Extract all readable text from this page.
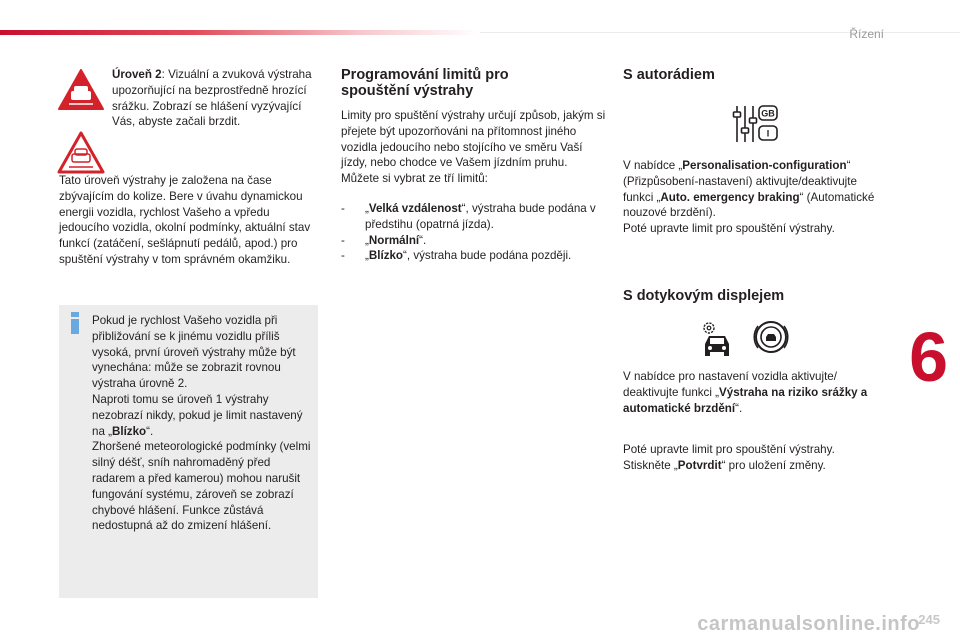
Řízení
6

Úroveň 2: Vizuální a zvuková výstraha upozorňující na bezprostředně hrozící srážku. Zobrazí se hlášení vyzývající Vás, abyste začali brzdit.

Tato úroveň výstrahy je založena na čase zbývajícím do kolize. Bere v úvahu dynamickou energii vozidla, rychlost Vašeho a vpředu jedoucího vozidla, okolní podmínky, aktuální stav funkcí (zatáčení, sešlápnutí pedálů, apod.) pro spuštění výstrahy v tom správném okamžiku.

Pokud je rychlost Vašeho vozidla při přibližování se k jinému vozidlu příliš vysoká, první úroveň výstrahy může být vynechána: může se zobrazit rovnou výstraha úrovně 2.

Naproti tomu se úroveň 1 výstrahy nezobrazí nikdy, pokud je limit nastavený na „Blízko“.

Zhoršené meteorologické podmínky (velmi silný déšť, sníh nahromaděný před radarem a před kamerou) mohou narušit fungování systému, zároveň se zobrazí chybové hlášení. Funkce zůstává nedostupná až do zmizení hlášení.

Programování limitů pro spouštění výstrahy

Limity pro spuštění výstrahy určují způsob, jakým si přejete být upozorňováni na přítomnost jiného vozidla jedoucího nebo stojícího ve směru Vaší jízdy, nebo chodce ve Vašem jízdním pruhu.

Můžete si vybrat ze tří limitů:

- „Velká vzdálenost“, výstraha bude podána v předstihu (opatrná jízda).
- „Normální“.
- „Blízko“, výstraha bude podána později.
S autorádiem
GB
I

V nabídce „Personalisation-configuration“ (Přizpůsobení-nastavení) aktivujte/deaktivujte funkci „Auto. emergency braking“ (Automatické nouzové brzdění).

Poté upravte limit pro spouštění výstrahy.

S dotykovým displejem

V nabídce pro nastavení vozidla aktivujte/ deaktivujte funkci „Výstraha na riziko srážky a automatické brzdění“.

Poté upravte limit pro spouštění výstrahy.

Stiskněte „Potvrdit“ pro uložení změny.

carmanualsonline.info
245
